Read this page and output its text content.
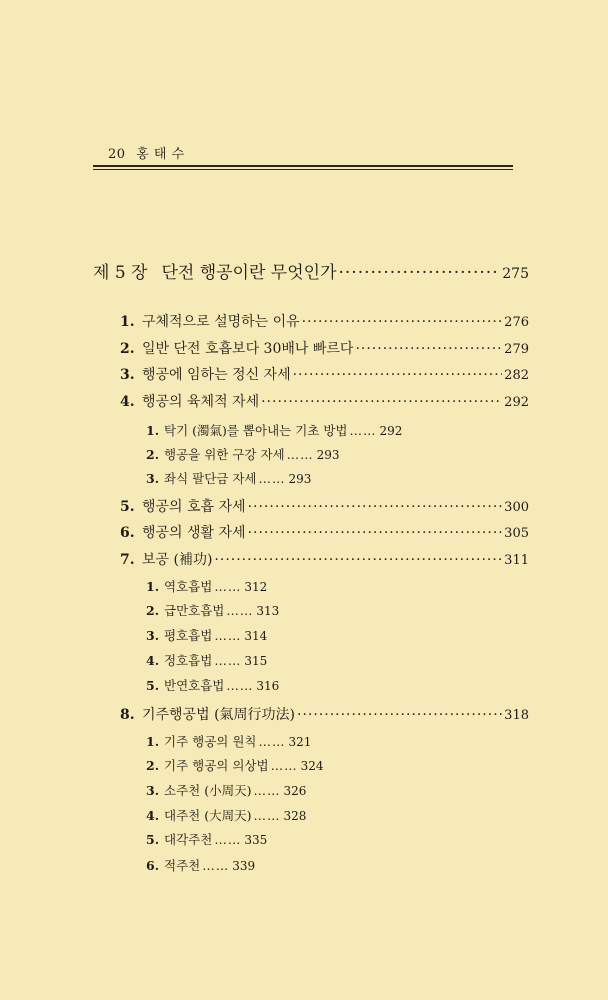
20 홍 태 수
제 5 장 단전 행공이란 무엇인가 ·····	275
1. 구체적으로 설명하는 이유 ·····	276
2. 일반 단전 호흡보다 30배나 빠르다 ·····	279
3. 행공에 임하는 정신 자세 ·····	282
4. 행공의 육체적 자세 ·····	292
1. 탁기 (濁氣)를 뽑아내는 기초 방법 …… 292
2. 행공을 위한 구강 자세 …… 293
3. 좌식 팔단금 자세 …… 293
5. 행공의 호흡 자세 ·····	300
6. 행공의 생활 자세 ·····	305
7. 보공 (補功) ·····	311
1. 역호흡법 …… 312
2. 급만호흡법 …… 313
3. 평호흡법 …… 314
4. 정호흡법 …… 315
5. 반연호흡법 …… 316
8. 기주행공법 (氣周行功法) ·····	318
1. 기주 행공의 원칙 …… 321
2. 기주 행공의 의상법 …… 324
3. 소주천 (小周天) …… 326
4. 대주천 (大周天) …… 328
5. 대각주천 …… 335
6. 적주천 …… 339
